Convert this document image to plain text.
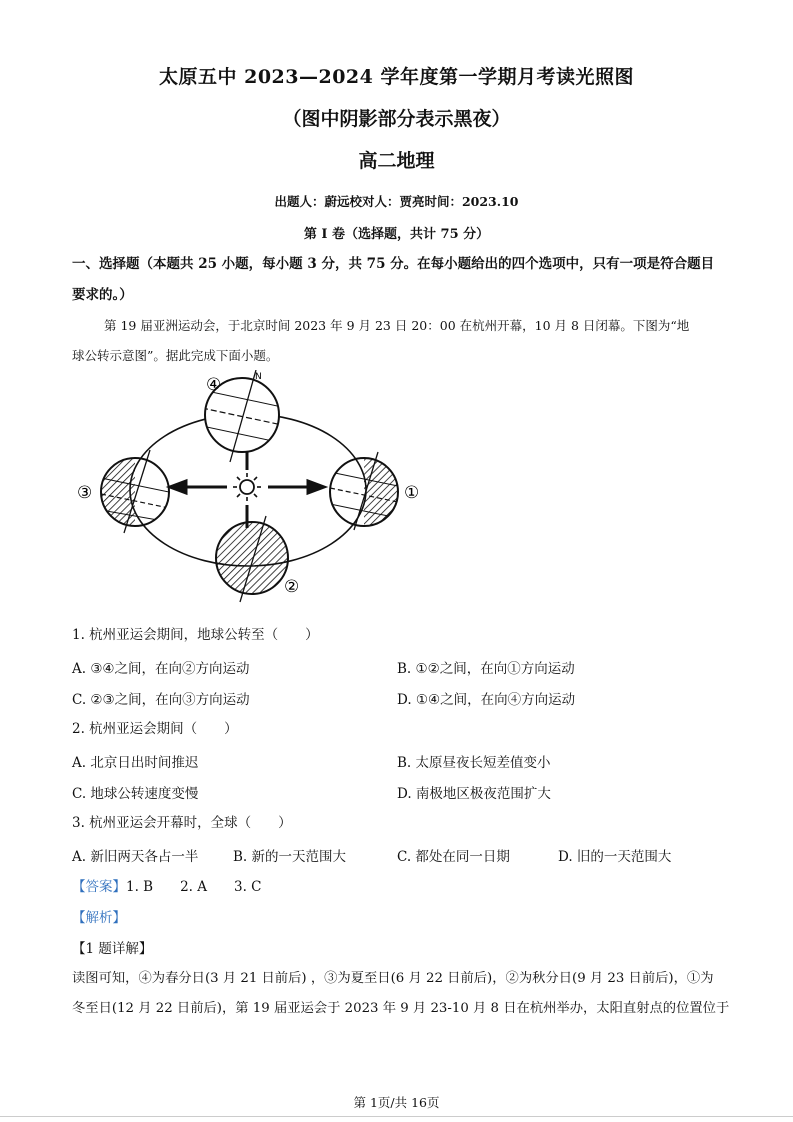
太原五中 2023—2024 学年度第一学期月考读光照图
（图中阴影部分表示黑夜）
高二地理
出题人：蔚远校对人：贾亮时间：2023.10
第 I 卷（选择题，共计 75 分）
一、选择题（本题共 25 小题，每小题 3 分，共 75 分。在每小题给出的四个选项中，只有一项是符合题目
要求的。）
第 19 届亚洲运动会，于北京时间 2023 年 9 月 23 日 20：00 在杭州开幕，10 月 8 日闭幕。下图为“地
球公转示意图”。据此完成下面小题。
④	N
③	①
②
1. 杭州亚运会期间，地球公转至（　　）
A. ③④之间，在向②方向运动	B. ①②之间，在向①方向运动
C. ②③之间，在向③方向运动	D. ①④之间，在向④方向运动
2. 杭州亚运会期间（　　）
A. 北京日出时间推迟	B. 太原昼夜长短差值变小
C. 地球公转速度变慢	D. 南极地区极夜范围扩大
3. 杭州亚运会开幕时，全球（　　）
A. 新旧两天各占一半	B. 新的一天范围大	C. 都处在同一日期	D. 旧的一天范围大
【答案】1. B　　2. A　　3. C
【解析】
【1 题详解】
读图可知，④为春分日(3 月 21 日前后) ，③为夏至日(6 月 22 日前后)，②为秋分日(9 月 23 日前后)，①为
冬至日(12 月 22 日前后)，第 19 届亚运会于 2023 年 9 月 23-10 月 8 日在杭州举办，太阳直射点的位置位于
第 1页/共 16页
